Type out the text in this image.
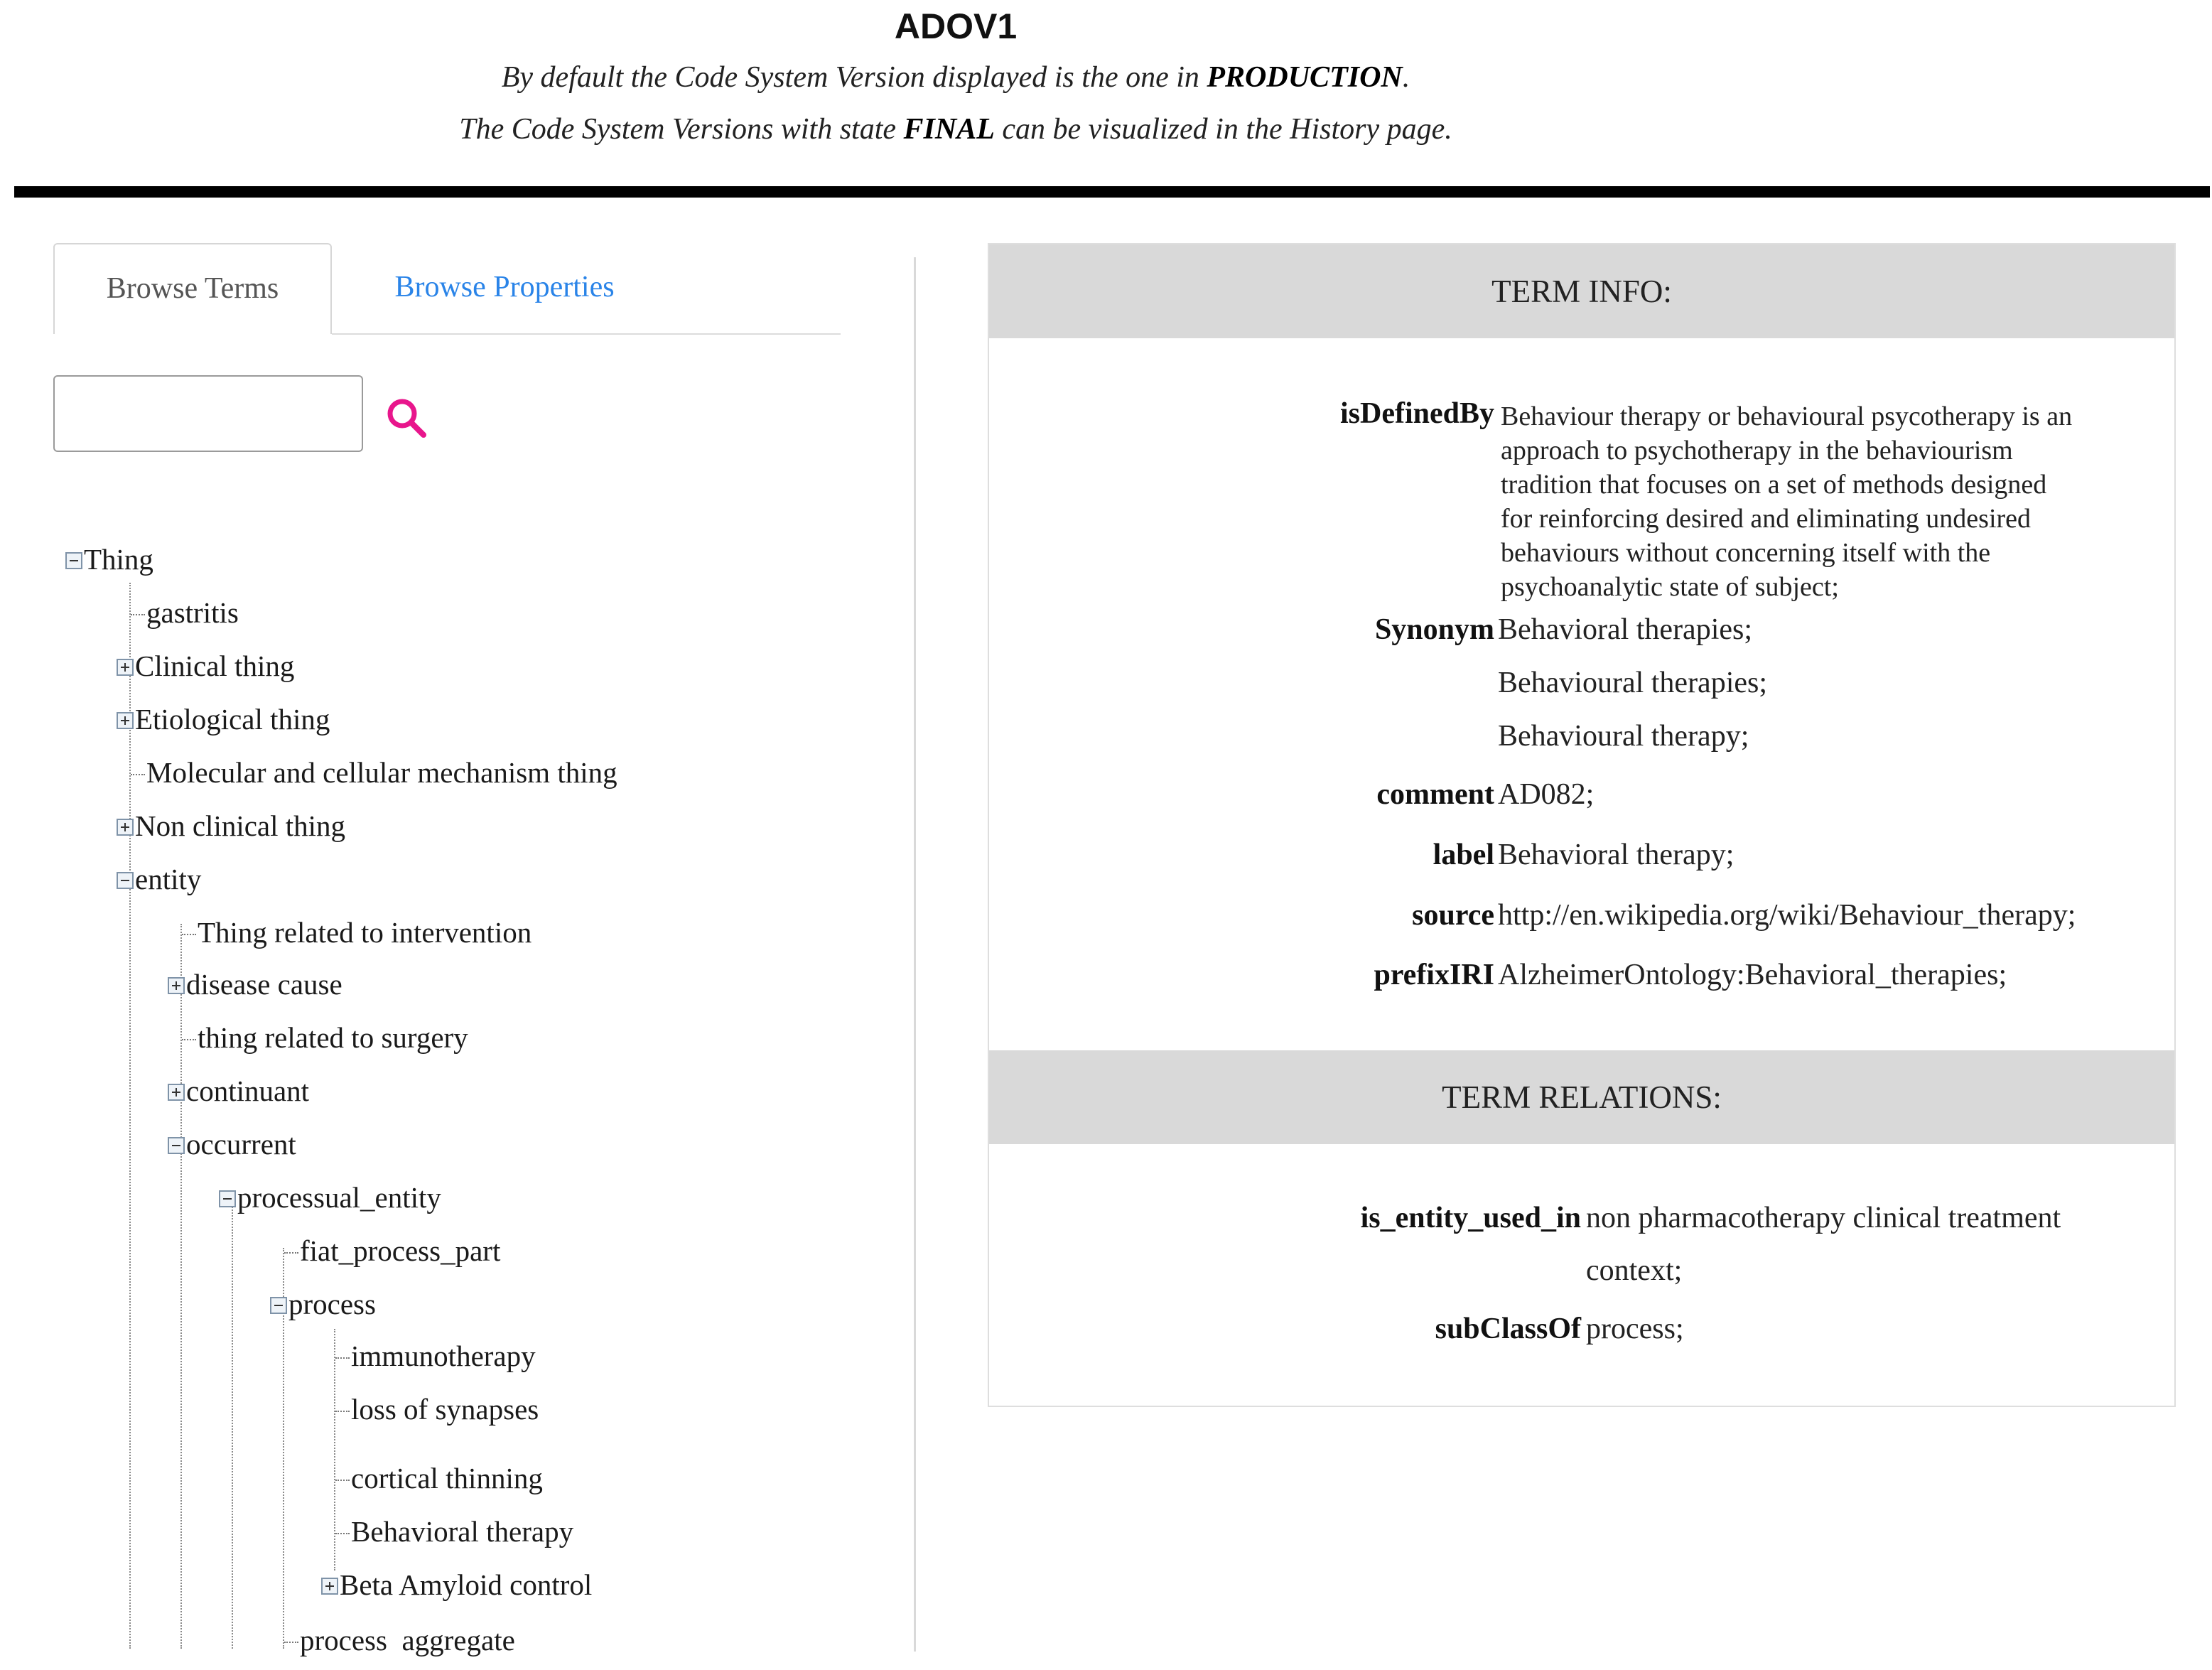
ADOV1
By default the Code System Version displayed is the one in PRODUCTION.
The Code System Versions with state FINAL can be visualized in the History page.
Browse Terms	Browse Properties
Thing
gastritis
Clinical thing
Etiological thing
Molecular and cellular mechanism thing
Non clinical thing
entity
Thing related to intervention
disease cause
thing related to surgery
continuant
occurrent
processual_entity
fiat_process_part
process
immunotherapy
loss of synapses
cortical thinning
Behavioral therapy
Beta Amyloid control
process  aggregate
TERM INFO:
isDefinedBy Behaviour therapy or behavioural psycotherapy is an
approach to psychotherapy in the behaviourism
tradition that focuses on a set of methods designed
for reinforcing desired and eliminating undesired
behaviours without concerning itself with the
psychoanalytic state of subject;
Synonym Behavioral therapies;
Behavioural therapies;
Behavioural therapy;
comment AD082;
label Behavioral therapy;
source http://en.wikipedia.org/wiki/Behaviour_therapy;
prefixIRI AlzheimerOntology:Behavioral_therapies;
TERM RELATIONS:
is_entity_used_in non pharmacotherapy clinical treatment
context;
subClassOf process;
